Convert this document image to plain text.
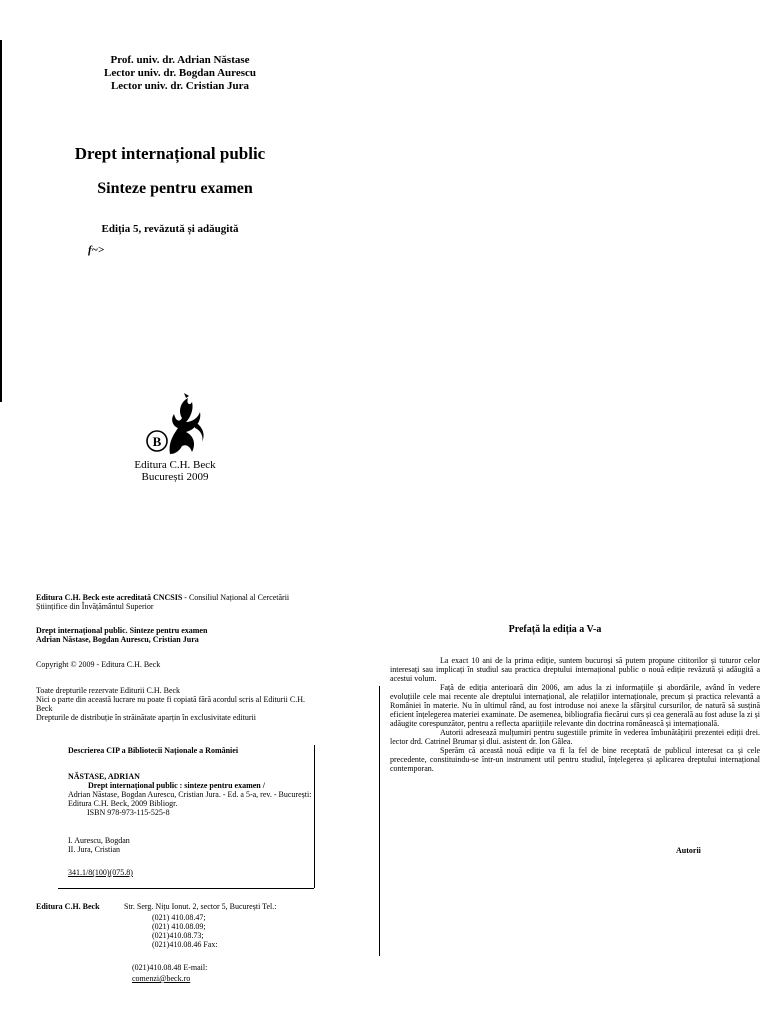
Prof. univ. dr. Adrian Năstase
Lector univ. dr. Bogdan Aurescu
Lector univ. dr. Cristian Jura
Drept internațional public
Sinteze pentru examen
Ediția 5, revăzută și adăugită
f~>
B
Editura C.H. Beck
București 2009
Editura C.H. Beck este acreditată CNCSIS - Consiliul Național al Cercetării Științifice din Învățământul Superior
Drept internațional public. Sinteze pentru examen
Adrian Năstase, Bogdan Aurescu, Cristian Jura
Copyright © 2009 - Editura C.H. Beck
Toate drepturile rezervate Editurii C.H. Beck
Nici o parte din această lucrare nu poate fi copiată fără acordul scris al Editurii C.H. Beck
Drepturile de distribuție în străinătate aparțin în exclusivitate editurii
Descrierea CIP a Bibliotecii Naționale a României
NĂSTASE, ADRIAN
Drept internațional public : sinteze pentru examen /
Adrian Năstase, Bogdan Aurescu, Cristian Jura. - Ed. a 5-a, rev. - București: Editura C.H. Beck, 2009 Bibliogr.
ISBN 978-973-115-525-8
I. Aurescu, Bogdan
II. Jura, Cristian
341.1/8(100)(075.8)
Editura C.H. Beck	Str. Serg. Nițu Ionut. 2, sector 5, București Tel.:
(021) 410.08.47;
(021) 410.08.09;
(021)410.08.73;
(021)410.08.46 Fax:
(021)410.08.48 E-mail:
comenzi@beck.ro
Prefață la ediția a V-a

La exact 10 ani de la prima ediție, suntem bucuroși să putem propune cititorilor și tuturor celor interesați sau implicați în studiul sau practica dreptului internațional public o nouă ediție revăzută și adăugită a acestui volum.

Față de ediția anterioară din 2006, am adus la zi informațiile și abordările, având în vedere evoluțiile cele mai recente ale dreptului internațional, ale relațiilor internaționale, precum și practica relevantă a României în materie. Nu în ultimul rând, au fost introduse noi anexe la sfârșitul cursurilor, de natură să susțină eficient înțelegerea materiei examinate. De asemenea, bibliografia fiecărui curs și cea generală au fost aduse la zi și adăugite corespunzător, pentru a reflecta apariițiile relevante din doctrina românească și internațională.

Autorii adresează mulțumiri pentru sugestiile primite în vederea îmbunătățirii prezentei ediții drei. lector drd. Catrinel Brumar și dlui. asistent dr. Ion Gâlea.

Sperăm că această nouă ediție va fi la fel de bine receptată de publicul interesat ca și cele precedente, constituindu-se într-un instrument util pentru studiul, înțelegerea și aplicarea dreptului internațional contemporan.

Autorii
